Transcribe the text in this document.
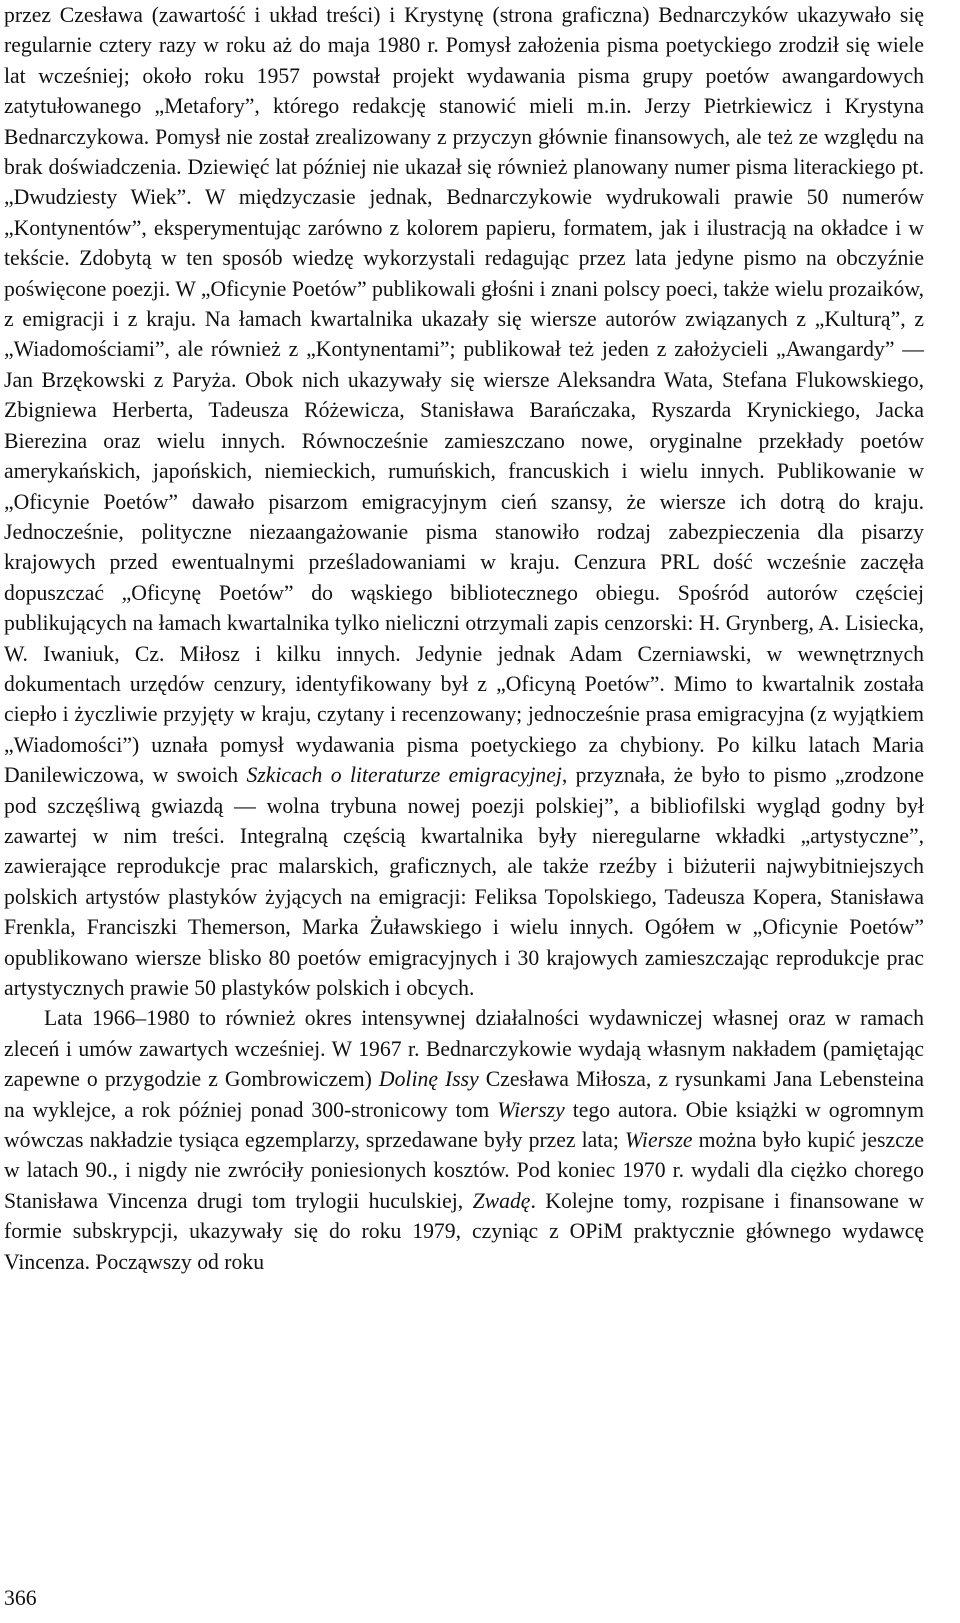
przez Czesława (zawartość i układ treści) i Krystynę (strona graficzna) Bednarczyków ukazywało się regularnie cztery razy w roku aż do maja 1980 r. Pomysł założenia pisma poetyckiego zrodził się wiele lat wcześniej; około roku 1957 powstał projekt wydawania pisma grupy poetów awangardowych zatytułowanego „Metafory”, którego redakcję stanowić mieli m.in. Jerzy Pietrkiewicz i Krystyna Bednarczykowa. Pomysł nie został zrealizowany z przyczyn głównie finansowych, ale też ze względu na brak doświadczenia. Dziewięć lat później nie ukazał się również planowany numer pisma literackiego pt. „Dwudziesty Wiek”. W międzyczasie jednak, Bednarczykowie wydrukowali prawie 50 numerów „Kontynentów”, eksperymentując zarówno z kolorem papieru, formatem, jak i ilustracją na okładce i w tekście. Zdobytą w ten sposób wiedzę wykorzystali redagując przez lata jedyne pismo na obczyźnie poświęcone poezji. W „Oficynie Poetów” publikowali głośni i znani polscy poeci, także wielu prozaików, z emigracji i z kraju. Na łamach kwartalnika ukazały się wiersze autorów związanych z „Kulturą”, z „Wiadomościami”, ale również z „Kontynentami”; publikował też jeden z założycieli „Awangardy” — Jan Brzękowski z Paryża. Obok nich ukazywały się wiersze Aleksandra Wata, Stefana Flukowskiego, Zbigniewa Herberta, Tadeusza Różewicza, Stanisława Barańczaka, Ryszarda Krynickiego, Jacka Bierezina oraz wielu innych. Równocześnie zamieszczano nowe, oryginalne przekłady poetów amerykańskich, japońskich, niemieckich, rumuńskich, francuskich i wielu innych. Publikowanie w „Oficynie Poetów” dawało pisarzom emigracyjnym cień szansy, że wiersze ich dotrą do kraju. Jednocześnie, polityczne niezaangażowanie pisma stanowiło rodzaj zabezpieczenia dla pisarzy krajowych przed ewentualnymi prześladowaniami w kraju. Cenzura PRL dość wcześnie zaczęła dopuszczać „Oficynę Poetów” do wąskiego bibliotecznego obiegu. Spośród autorów częściej publikujących na łamach kwartalnika tylko nieliczni otrzymali zapis cenzorski: H. Grynberg, A. Lisiecka, W. Iwaniuk, Cz. Miłosz i kilku innych. Jedynie jednak Adam Czerniawski, w wewnętrznych dokumentach urzędów cenzury, identyfikowany był z „Oficyną Poetów”. Mimo to kwartalnik została ciepło i życzliwie przyjęty w kraju, czytany i recenzowany; jednocześnie prasa emigracyjna (z wyjątkiem „Wiadomości”) uznała pomysł wydawania pisma poetyckiego za chybiony. Po kilku latach Maria Danilewiczowa, w swoich Szkicach o literaturze emigracyjnej, przyznała, że było to pismo „zrodzone pod szczęśliwą gwiazdą — wolna trybuna nowej poezji polskiej”, a bibliofilski wygląd godny był zawartej w nim treści. Integralną częścią kwartalnika były nieregularne wkładki „artystyczne”, zawierające reprodukcje prac malarskich, graficznych, ale także rzeźby i biżuterii najwybitniejszych polskich artystów plastyków żyjących na emigracji: Feliksa Topolskiego, Tadeusza Kopera, Stanisława Frenkla, Franciszki Themerson, Marka Żuławskiego i wielu innych. Ogółem w „Oficynie Poetów” opublikowano wiersze blisko 80 poetów emigracyjnych i 30 krajowych zamieszczając reprodukcje prac artystycznych prawie 50 plastyków polskich i obcych.

Lata 1966–1980 to również okres intensywnej działalności wydawniczej własnej oraz w ramach zleceń i umów zawartych wcześniej. W 1967 r. Bednarczykowie wydają własnym nakładem (pamiętając zapewne o przygodzie z Gombrowiczem) Dolinę Issy Czesława Miłosza, z rysunkami Jana Lebensteina na wyklejce, a rok później ponad 300-stronicowy tom Wierszy tego autora. Obie książki w ogromnym wówczas nakładzie tysiąca egzemplarzy, sprzedawane były przez lata; Wiersze można było kupić jeszcze w latach 90., i nigdy nie zwróciły poniesionych kosztów. Pod koniec 1970 r. wydali dla ciężko chorego Stanisława Vincenza drugi tom trylogii huculskiej, Zwadę. Kolejne tomy, rozpisane i finansowane w formie subskrypcji, ukazywały się do roku 1979, czyniąc z OPiM praktycznie głównego wydawcę Vincenza. Począwszy od roku

366
